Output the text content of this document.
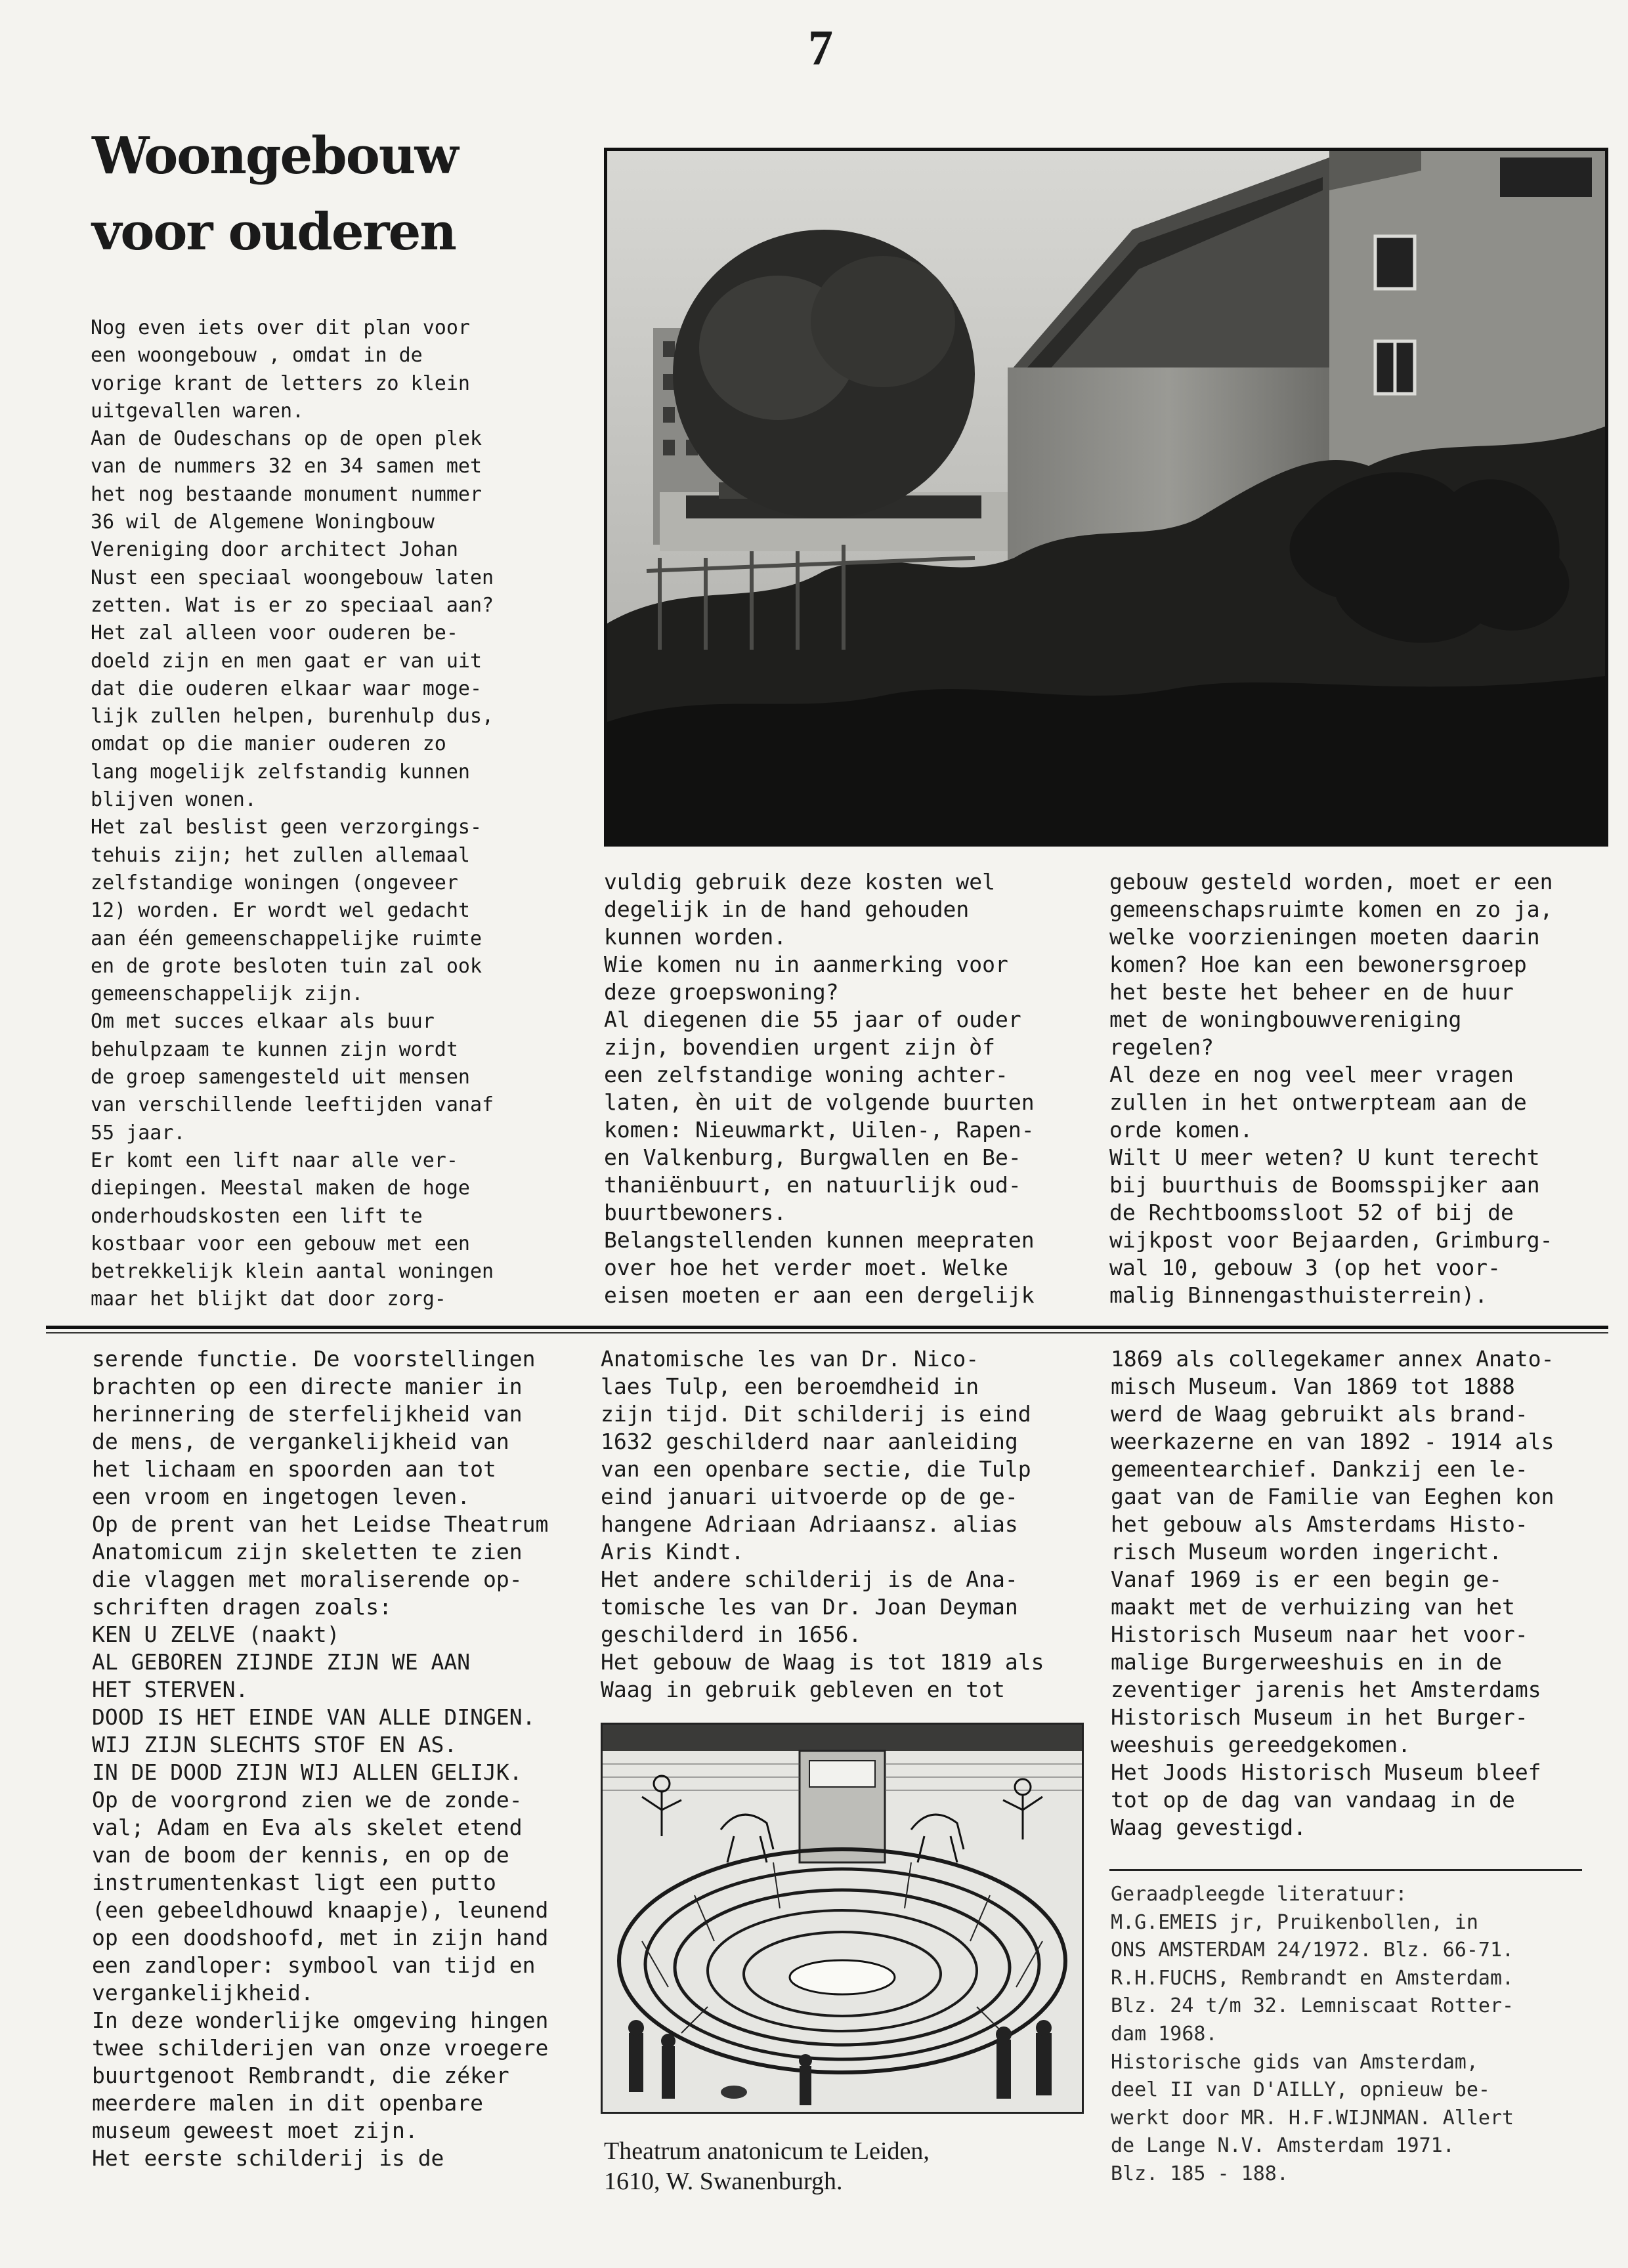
7
Woongebouw
voor ouderen
Nog even iets over dit plan voor
een woongebouw , omdat in de
vorige krant de letters zo klein
uitgevallen waren.
Aan de Oudeschans op de open plek
van de nummers 32 en 34 samen met
het nog bestaande monument nummer
36 wil de Algemene Woningbouw
Vereniging door architect Johan
Nust een speciaal woongebouw laten
zetten. Wat is er zo speciaal aan?
Het zal alleen voor ouderen be-
doeld zijn en men gaat er van uit
dat die ouderen elkaar waar moge-
lijk zullen helpen, burenhulp dus,
omdat op die manier ouderen zo
lang mogelijk zelfstandig kunnen
blijven wonen.
Het zal beslist geen verzorgings-
tehuis zijn; het zullen allemaal
zelfstandige woningen (ongeveer
12) worden. Er wordt wel gedacht
aan één gemeenschappelijke ruimte
en de grote besloten tuin zal ook
gemeenschappelijk zijn.
Om met succes elkaar als buur
behulpzaam te kunnen zijn wordt
de groep samengesteld uit mensen
van verschillende leeftijden vanaf
55 jaar.
Er komt een lift naar alle ver-
diepingen. Meestal maken de hoge
onderhoudskosten een lift te
kostbaar voor een gebouw met een
betrekkelijk klein aantal woningen
maar het blijkt dat door zorg-
vuldig gebruik deze kosten wel
degelijk in de hand gehouden
kunnen worden.
Wie komen nu in aanmerking voor
deze groepswoning?
Al diegenen die 55 jaar of ouder
zijn, bovendien urgent zijn òf
een zelfstandige woning achter-
laten, èn uit de volgende buurten
komen: Nieuwmarkt, Uilen-, Rapen-
en Valkenburg, Burgwallen en Be-
thaniënbuurt, en natuurlijk oud-
buurtbewoners.
Belangstellenden kunnen meepraten
over hoe het verder moet. Welke
eisen moeten er aan een dergelijk
gebouw gesteld worden, moet er een
gemeenschapsruimte komen en zo ja,
welke voorzieningen moeten daarin
komen? Hoe kan een bewonersgroep
het beste het beheer en de huur
met de woningbouwvereniging
regelen?
Al deze en nog veel meer vragen
zullen in het ontwerpteam aan de
orde komen.
Wilt U meer weten? U kunt terecht
bij buurthuis de Boomsspijker aan
de Rechtboomssloot 52 of bij de
wijkpost voor Bejaarden, Grimburg-
wal 10, gebouw 3 (op het voor-
malig Binnengasthuisterrein).
serende functie. De voorstellingen
brachten op een directe manier in
herinnering de sterfelijkheid van
de mens, de vergankelijkheid van
het lichaam en spoorden aan tot
een vroom en ingetogen leven.
Op de prent van het Leidse Theatrum
Anatomicum zijn skeletten te zien
die vlaggen met moraliserende op-
schriften dragen zoals:
KEN U ZELVE (naakt)
AL GEBOREN ZIJNDE ZIJN WE AAN
HET STERVEN.
DOOD IS HET EINDE VAN ALLE DINGEN.
WIJ ZIJN SLECHTS STOF EN AS.
IN DE DOOD ZIJN WIJ ALLEN GELIJK.
Op de voorgrond zien we de zonde-
val; Adam en Eva als skelet etend
van de boom der kennis, en op de
instrumentenkast ligt een putto
(een gebeeldhouwd knaapje), leunend
op een doodshoofd, met in zijn hand
een zandloper: symbool van tijd en
vergankelijkheid.
In deze wonderlijke omgeving hingen
twee schilderijen van onze vroegere
buurtgenoot Rembrandt, die zéker
meerdere malen in dit openbare
museum geweest moet zijn.
Het eerste schilderij is de
Anatomische les van Dr. Nico-
laes Tulp, een beroemdheid in
zijn tijd. Dit schilderij is eind
1632 geschilderd naar aanleiding
van een openbare sectie, die Tulp
eind januari uitvoerde op de ge-
hangene Adriaan Adriaansz. alias
Aris Kindt.
Het andere schilderij is de Ana-
tomische les van Dr. Joan Deyman
geschilderd in 1656.
Het gebouw de Waag is tot 1819 als
Waag in gebruik gebleven en tot
1869 als collegekamer annex Anato-
misch Museum. Van 1869 tot 1888
werd de Waag gebruikt als brand-
weerkazerne en van 1892 - 1914 als
gemeentearchief. Dankzij een le-
gaat van de Familie van Eeghen kon
het gebouw als Amsterdams Histo-
risch Museum worden ingericht.
Vanaf 1969 is er een begin ge-
maakt met de verhuizing van het
Historisch Museum naar het voor-
malige Burgerweeshuis en in de
zeventiger jarenis het Amsterdams
Historisch Museum in het Burger-
weeshuis gereedgekomen.
Het Joods Historisch Museum bleef
tot op de dag van vandaag in de
Waag gevestigd.
Theatrum anatonicum te Leiden,
1610, W. Swanenburgh.
Geraadpleegde literatuur:
M.G.EMEIS jr, Pruikenbollen, in
ONS AMSTERDAM 24/1972. Blz. 66-71.
R.H.FUCHS, Rembrandt en Amsterdam.
Blz. 24 t/m 32. Lemniscaat Rotter-
dam 1968.
Historische gids van Amsterdam,
deel II van D'AILLY, opnieuw be-
werkt door MR. H.F.WIJNMAN. Allert
de Lange N.V. Amsterdam 1971.
Blz. 185 - 188.
